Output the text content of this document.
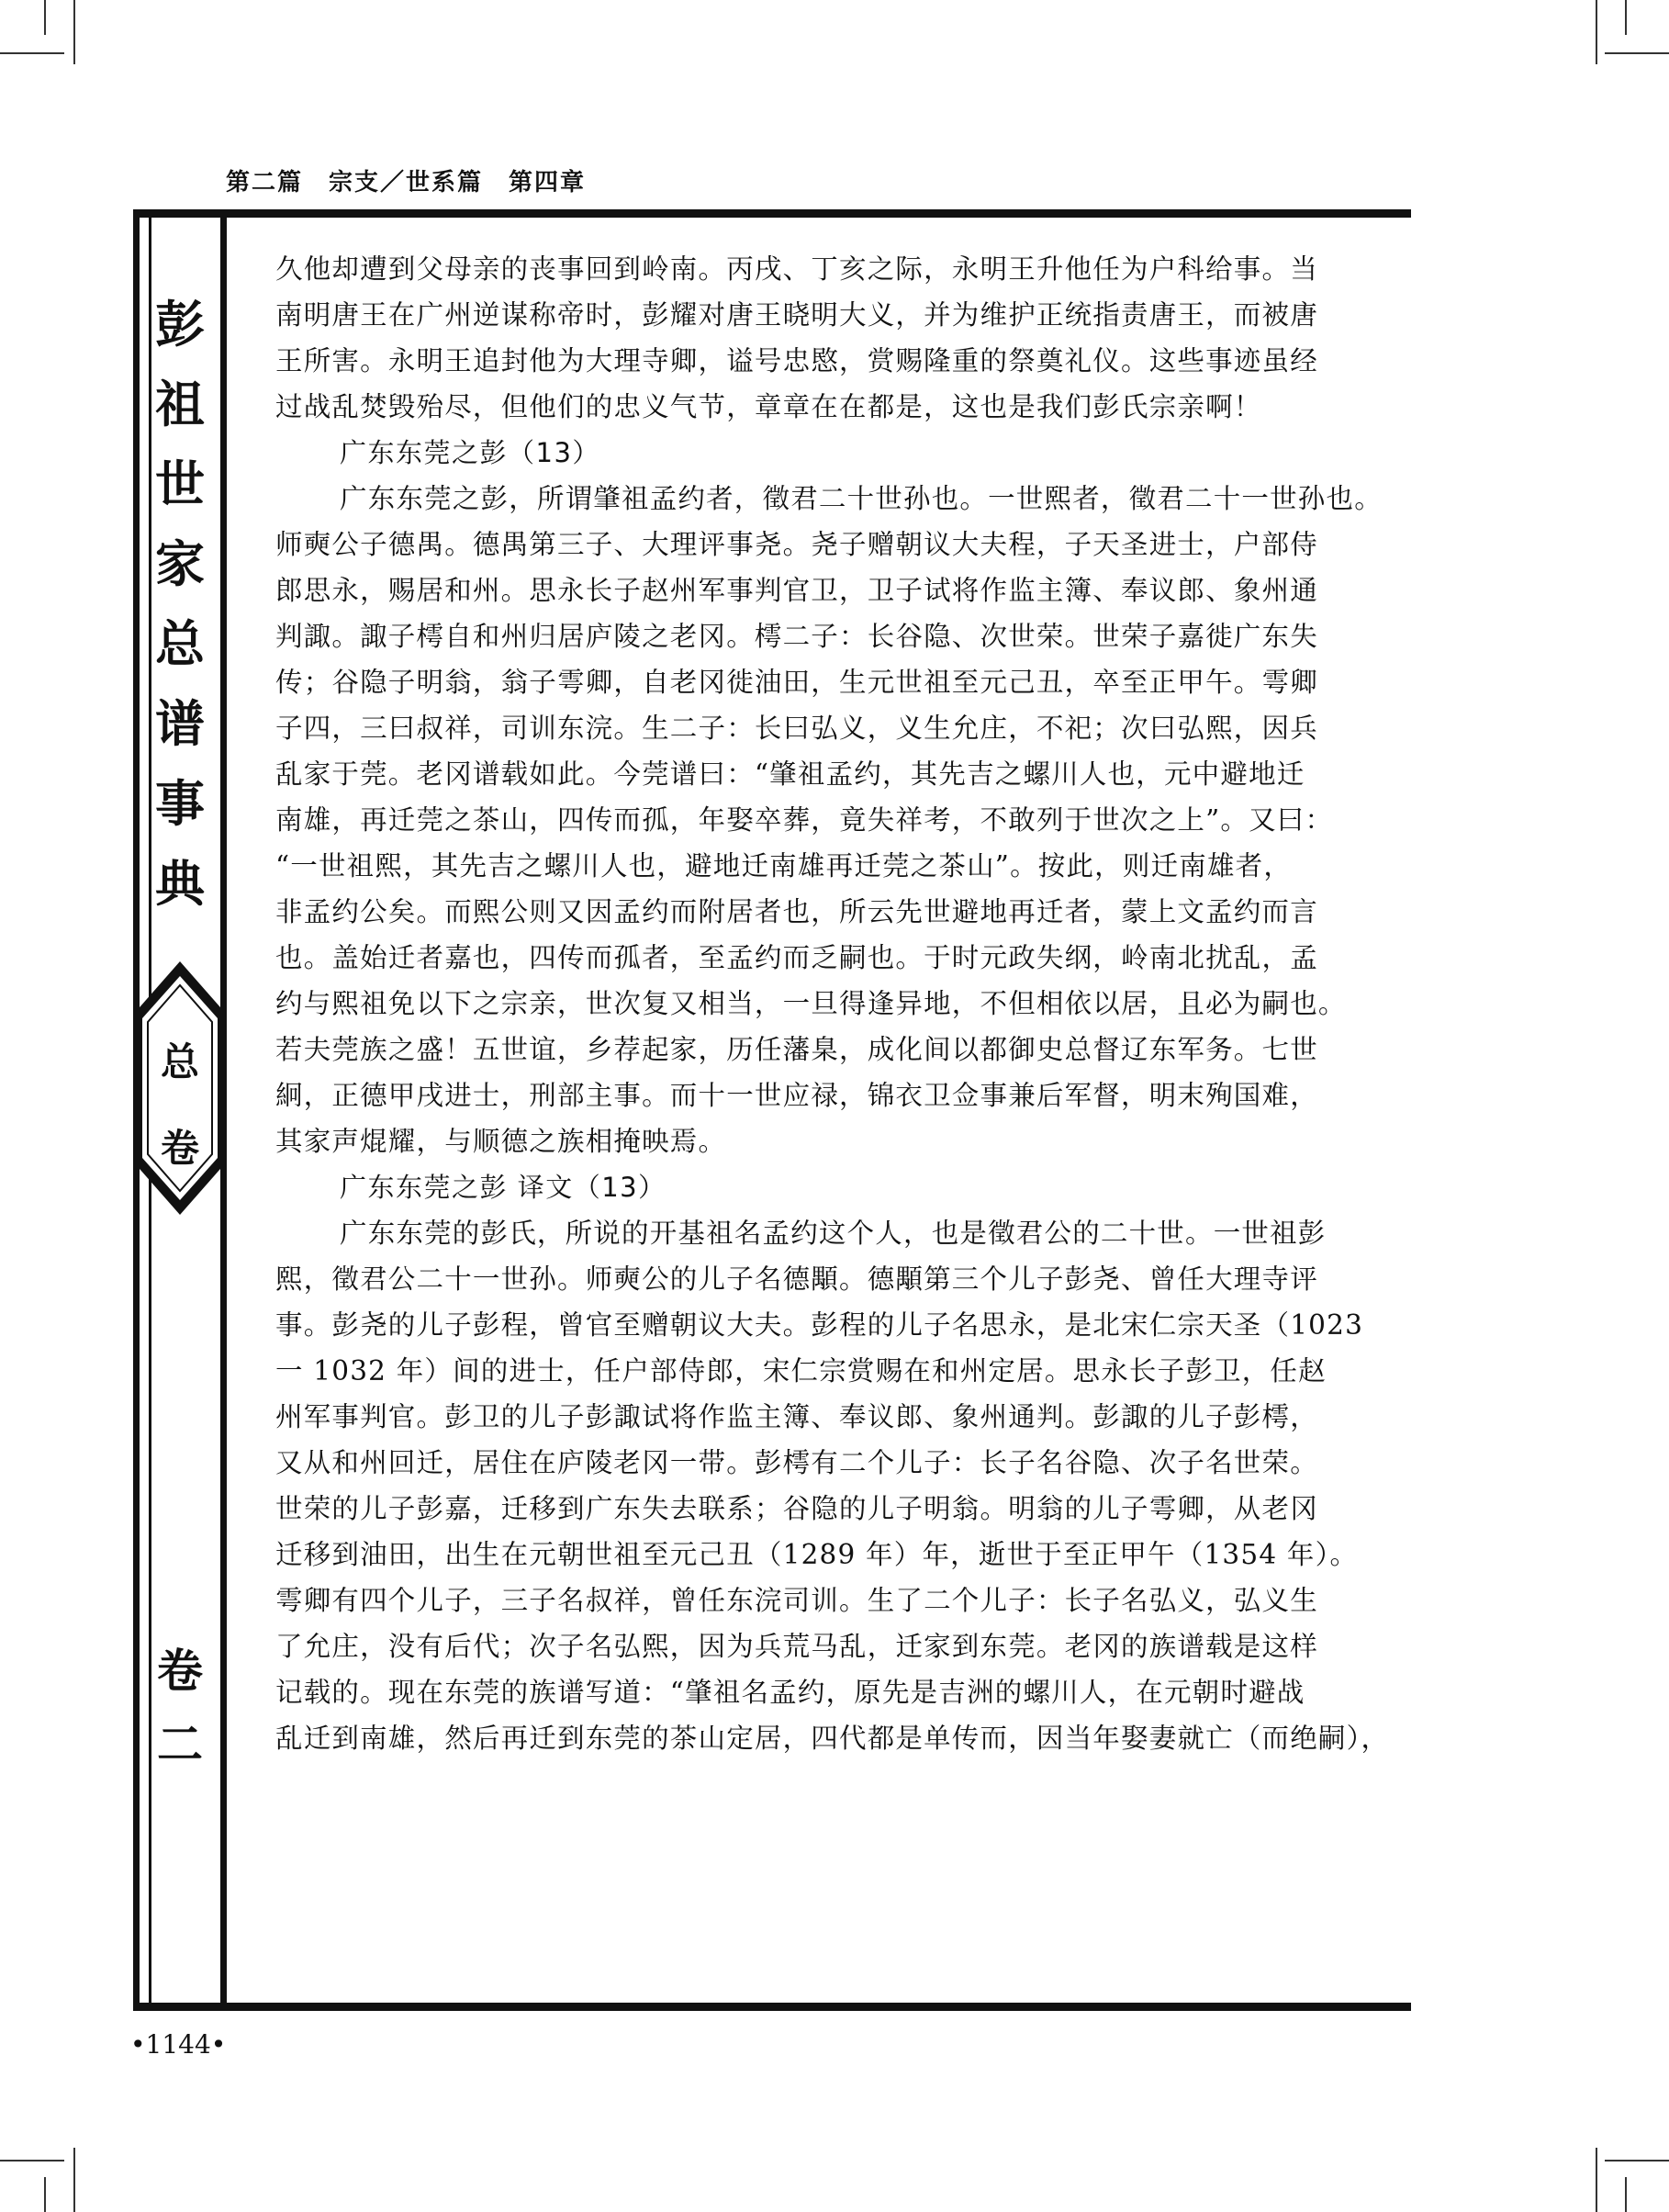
第二篇　宗支／世系篇　第四章
彭
祖
世
家
总
谱
事
典
总
卷
卷
二
久他却遭到父母亲的丧事回到岭南。丙戌、丁亥之际，永明王升他任为户科给事。当
南明唐王在广州逆谋称帝时，彭耀对唐王晓明大义，并为维护正统指责唐王，而被唐
王所害。永明王追封他为大理寺卿，谥号忠愍，赏赐隆重的祭奠礼仪。这些事迹虽经
过战乱焚毁殆尽，但他们的忠义气节，章章在在都是，这也是我们彭氏宗亲啊！
广东东莞之彭（13）
广东东莞之彭，所谓肇祖孟约者，徵君二十世孙也。一世熙者，徵君二十一世孙也。
师奭公子德禺。德禺第三子、大理评事尧。尧子赠朝议大夫程，子天圣进士，户部侍
郎思永，赐居和州。思永长子赵州军事判官卫，卫子试将作监主簿、奉议郎、象州通
判諏。諏子樗自和州归居庐陵之老冈。樗二子：长谷隐、次世荣。世荣子嘉徙广东失
传；谷隐子明翁，翁子雩卿，自老冈徙油田，生元世祖至元己丑，卒至正甲午。雩卿
子四，三曰叔祥，司训东浣。生二子：长曰弘义，义生允庄，不祀；次曰弘熙，因兵
乱家于莞。老冈谱载如此。今莞谱曰：“肇祖孟约，其先吉之螺川人也，元中避地迁
南雄，再迁莞之茶山，四传而孤，年娶卒葬，竟失祥考，不敢列于世次之上”。又曰：
“一世祖熙，其先吉之螺川人也，避地迁南雄再迁莞之茶山”。按此，则迁南雄者，
非孟约公矣。而熙公则又因孟约而附居者也，所云先世避地再迁者，蒙上文孟约而言
也。盖始迁者嘉也，四传而孤者，至孟约而乏嗣也。于时元政失纲，岭南北扰乱，孟
约与熙祖免以下之宗亲，世次复又相当，一旦得逢异地，不但相依以居，且必为嗣也。
若夫莞族之盛！五世谊，乡荐起家，历任藩臬，成化间以都御史总督辽东军务。七世
絅，正德甲戌进士，刑部主事。而十一世应禄，锦衣卫佥事兼后军督，明末殉国难，
其家声焜耀，与顺德之族相掩映焉。
广东东莞之彭 译文（13）
广东东莞的彭氏，所说的开基祖名孟约这个人，也是徵君公的二十世。一世祖彭
熙，徵君公二十一世孙。师奭公的儿子名德顒。德顒第三个儿子彭尧、曾任大理寺评
事。彭尧的儿子彭程，曾官至赠朝议大夫。彭程的儿子名思永，是北宋仁宗天圣（1023
一 1032 年）间的进士，任户部侍郎，宋仁宗赏赐在和州定居。思永长子彭卫，任赵
州军事判官。彭卫的儿子彭諏试将作监主簿、奉议郎、象州通判。彭諏的儿子彭樗，
又从和州回迁，居住在庐陵老冈一带。彭樗有二个儿子：长子名谷隐、次子名世荣。
世荣的儿子彭嘉，迁移到广东失去联系；谷隐的儿子明翁。明翁的儿子雩卿，从老冈
迁移到油田，出生在元朝世祖至元己丑（1289 年）年，逝世于至正甲午（1354 年）。
雩卿有四个儿子，三子名叔祥，曾任东浣司训。生了二个儿子：长子名弘义，弘义生
了允庄，没有后代；次子名弘熙，因为兵荒马乱，迁家到东莞。老冈的族谱载是这样
记载的。现在东莞的族谱写道：“肇祖名孟约，原先是吉洲的螺川人，在元朝时避战
乱迁到南雄，然后再迁到东莞的茶山定居，四代都是单传而，因当年娶妻就亡（而绝嗣），
•1144•
